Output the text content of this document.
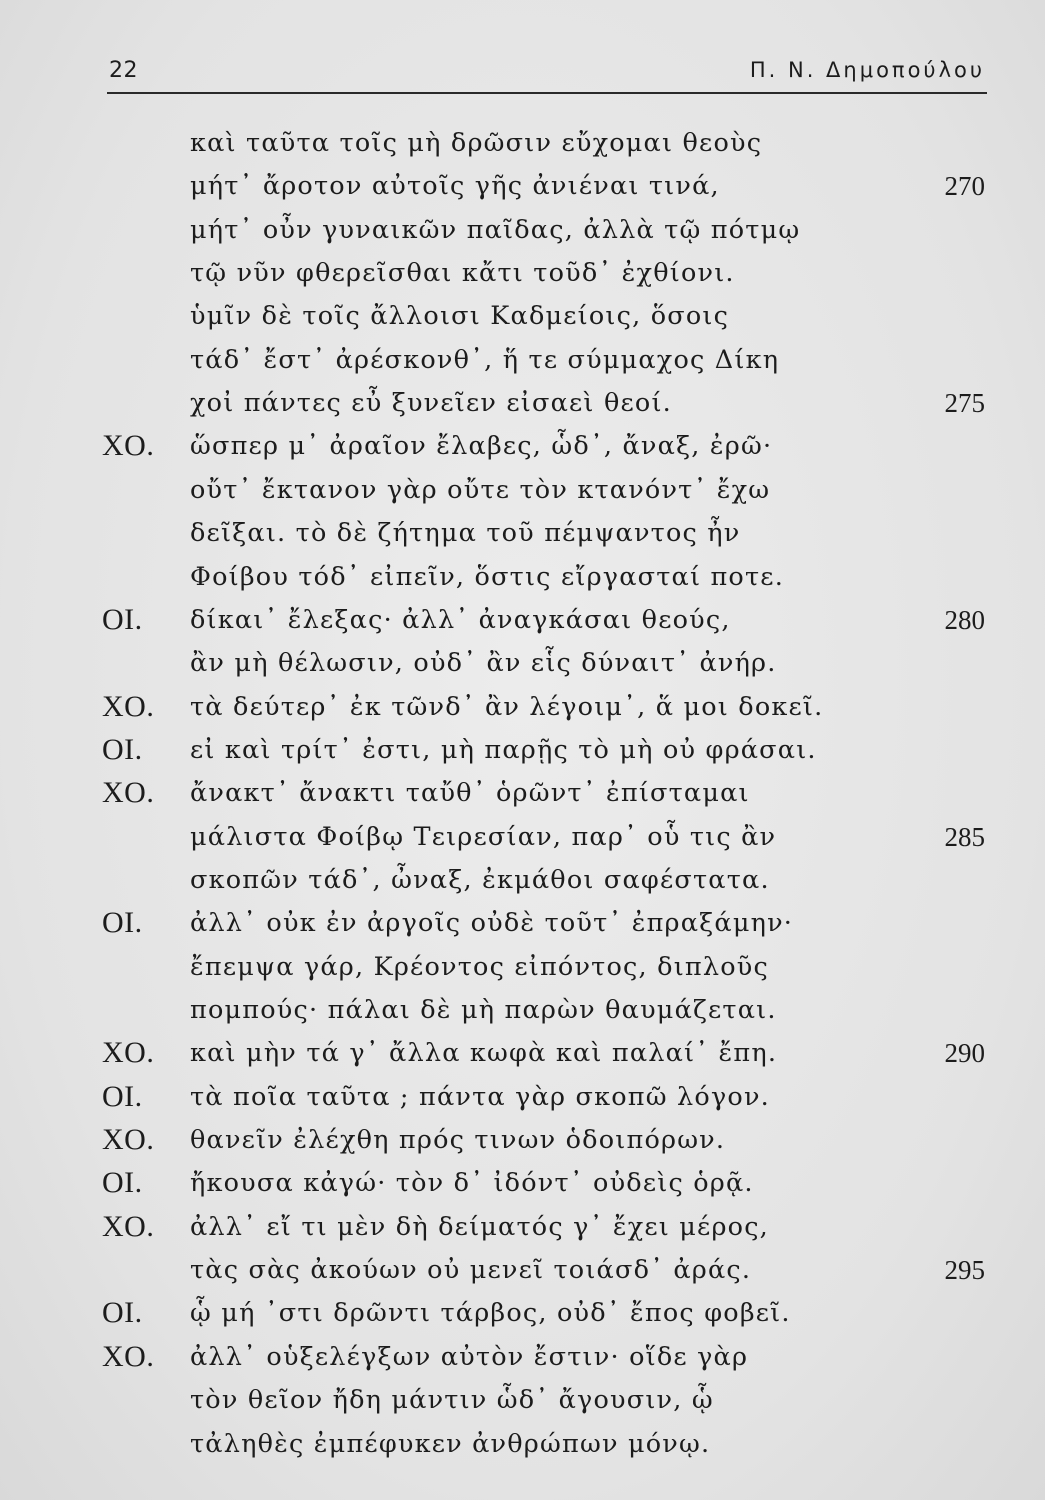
22	Π. Ν. Δημοπούλου
καὶ ταῦτα τοῖς μὴ δρῶσιν εὔχομαι θεοὺς
μήτ᾽ ἄροτον αὐτοῖς γῆς ἀνιέναι τινά,	270
μήτ᾽ οὖν γυναικῶν παῖδας, ἀλλὰ τῷ πότμῳ
τῷ νῦν φθερεῖσθαι κἄτι τοῦδ᾽ ἐχθίονι.
ὑμῖν δὲ τοῖς ἄλλοισι Καδμείοις, ὅσοις
τάδ᾽ ἔστ᾽ ἀρέσκονθ᾽, ἥ τε σύμμαχος Δίκη
χοἰ πάντες εὖ ξυνεῖεν εἰσαεὶ θεοί.	275
ΧΟ. ὥσπερ μ᾽ ἀραῖον ἔλαβες, ὧδ᾽, ἄναξ, ἐρῶ·
οὔτ᾽ ἔκτανον γὰρ οὔτε τὸν κτανόντ᾽ ἔχω
δεῖξαι. τὸ δὲ ζήτημα τοῦ πέμψαντος ἦν
Φοίβου τόδ᾽ εἰπεῖν, ὅστις εἴργασταί ποτε.
ΟΙ. δίκαι᾽ ἔλεξας· ἀλλ᾽ ἀναγκάσαι θεούς,	280
ἂν μὴ θέλωσιν, οὐδ᾽ ἂν εἷς δύναιτ᾽ ἀνήρ.
ΧΟ. τὰ δεύτερ᾽ ἐκ τῶνδ᾽ ἂν λέγοιμ᾽, ἅ μοι δοκεῖ.
ΟΙ. εἰ καὶ τρίτ᾽ ἐστι, μὴ παρῇς τὸ μὴ οὐ φράσαι.
ΧΟ. ἄνακτ᾽ ἄνακτι ταὔθ᾽ ὁρῶντ᾽ ἐπίσταμαι
μάλιστα Φοίβῳ Τειρεσίαν, παρ᾽ οὗ τις ἂν	285
σκοπῶν τάδ᾽, ὦναξ, ἐκμάθοι σαφέστατα.
ΟΙ. ἀλλ᾽ οὐκ ἐν ἀργοῖς οὐδὲ τοῦτ᾽ ἐπραξάμην·
ἔπεμψα γάρ, Κρέοντος εἰπόντος, διπλοῦς
πομπούς· πάλαι δὲ μὴ παρὼν θαυμάζεται.
ΧΟ. καὶ μὴν τά γ᾽ ἄλλα κωφὰ καὶ παλαί᾽ ἔπη.	290
ΟΙ. τὰ ποῖα ταῦτα ; πάντα γὰρ σκοπῶ λόγον.
ΧΟ. θανεῖν ἐλέχθη πρός τινων ὁδοιπόρων.
ΟΙ. ἤκουσα κἀγώ· τὸν δ᾽ ἰδόντ᾽ οὐδεὶς ὁρᾷ.
ΧΟ. ἀλλ᾽ εἴ τι μὲν δὴ δείματός γ᾽ ἔχει μέρος,
τὰς σὰς ἀκούων οὐ μενεῖ τοιάσδ᾽ ἀράς.	295
ΟΙ. ᾧ μή ᾽στι δρῶντι τάρβος, οὐδ᾽ ἔπος φοβεῖ.
ΧΟ. ἀλλ᾽ οὑξελέγξων αὐτὸν ἔστιν· οἵδε γὰρ
τὸν θεῖον ἤδη μάντιν ὧδ᾽ ἄγουσιν, ᾧ
τἀληθὲς ἐμπέφυκεν ἀνθρώπων μόνῳ.
